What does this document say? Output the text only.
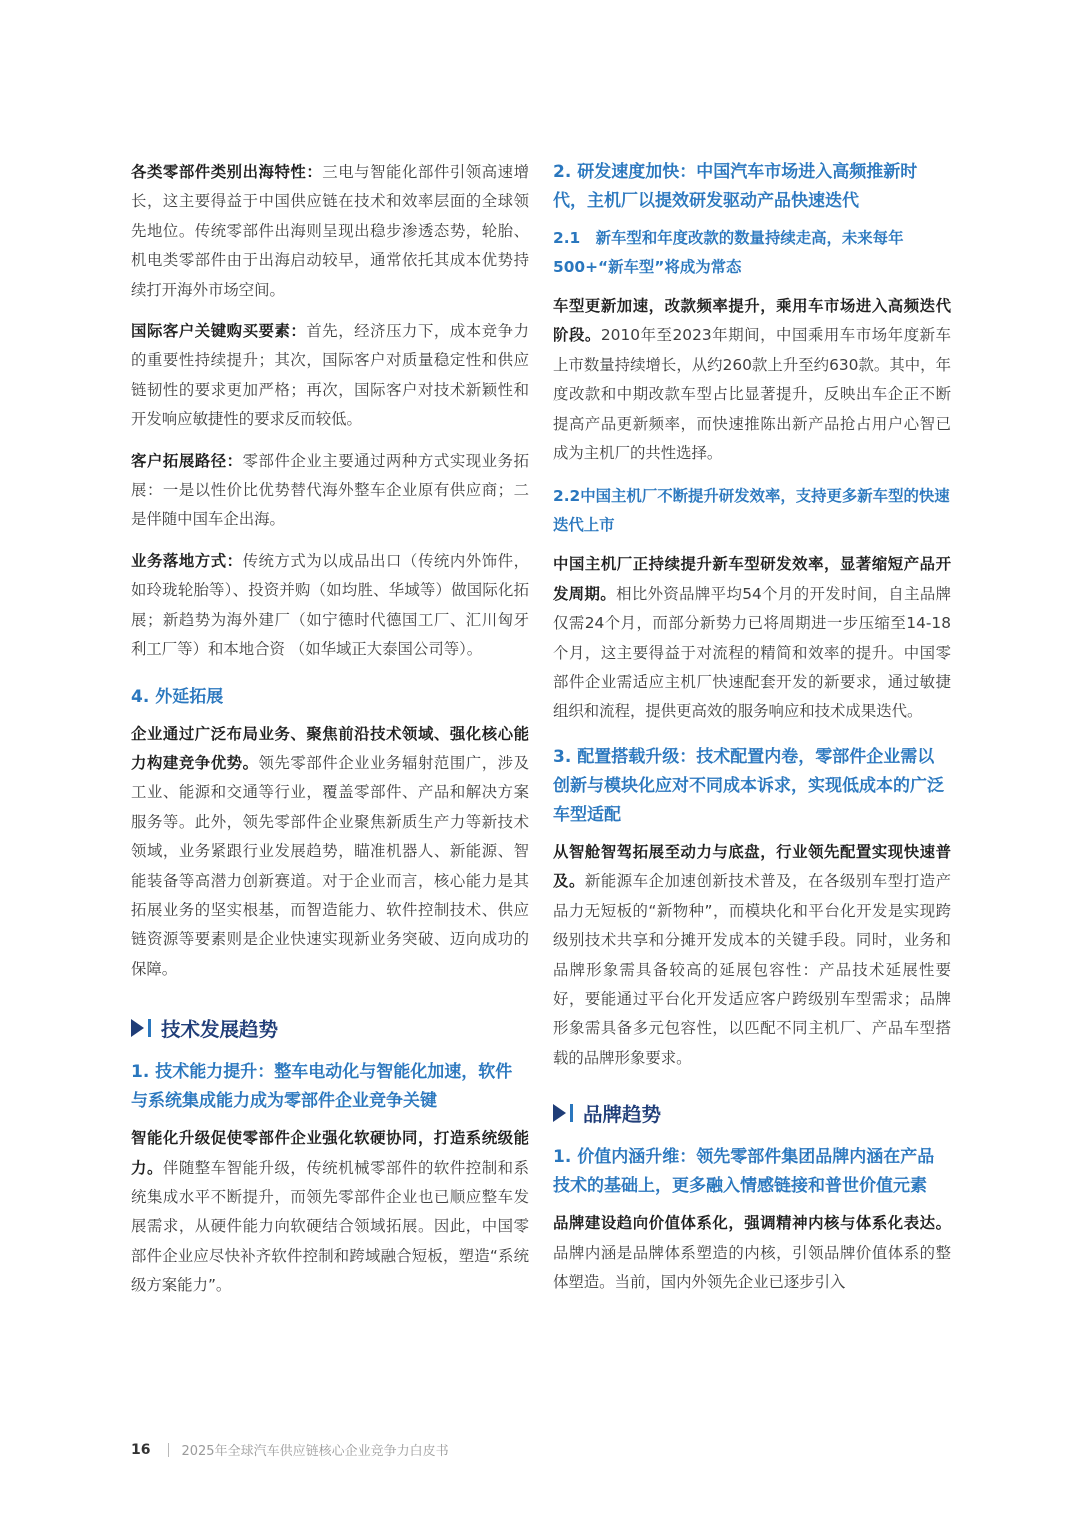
各类零部件类别出海特性：三电与智能化部件引领高速增长，这主要得益于中国供应链在技术和效率层面的全球领先地位。传统零部件出海则呈现出稳步渗透态势，轮胎、机电类零部件由于出海启动较早，通常依托其成本优势持续打开海外市场空间。

国际客户关键购买要素：首先，经济压力下，成本竞争力的重要性持续提升；其次，国际客户对质量稳定性和供应链韧性的要求更加严格；再次，国际客户对技术新颖性和开发响应敏捷性的要求反而较低。

客户拓展路径：零部件企业主要通过两种方式实现业务拓展：一是以性价比优势替代海外整车企业原有供应商；二是伴随中国车企出海。

业务落地方式：传统方式为以成品出口（传统内外饰件，如玲珑轮胎等）、投资并购（如均胜、华域等）做国际化拓展；新趋势为海外建厂（如宁德时代德国工厂、汇川匈牙利工厂等）和本地合资 （如华域正大泰国公司等）。

4. 外延拓展

企业通过广泛布局业务、聚焦前沿技术领域、强化核心能力构建竞争优势。领先零部件企业业务辐射范围广，涉及工业、能源和交通等行业，覆盖零部件、产品和解决方案服务等。此外，领先零部件企业聚焦新质生产力等新技术领域，业务紧跟行业发展趋势，瞄准机器人、新能源、智能装备等高潜力创新赛道。对于企业而言，核心能力是其拓展业务的坚实根基，而智造能力、软件控制技术、供应链资源等要素则是企业快速实现新业务突破、迈向成功的保障。

技术发展趋势
1. 技术能力提升：整车电动化与智能化加速，软件与系统集成能力成为零部件企业竞争关键

智能化升级促使零部件企业强化软硬协同，打造系统级能力。伴随整车智能升级，传统机械零部件的软件控制和系统集成水平不断提升，而领先零部件企业也已顺应整车发展需求，从硬件能力向软硬结合领域拓展。因此，中国零部件企业应尽快补齐软件控制和跨域融合短板，塑造“系统级方案能力”。

2. 研发速度加快：中国汽车市场进入高频推新时代，主机厂以提效研发驱动产品快速迭代
2.1　新车型和年度改款的数量持续走高，未来每年500+“新车型”将成为常态

车型更新加速，改款频率提升，乘用车市场进入高频迭代阶段。2010年至2023年期间，中国乘用车市场年度新车上市数量持续增长，从约260款上升至约630款。其中，年度改款和中期改款车型占比显著提升，反映出车企正不断提高产品更新频率，而快速推陈出新产品抢占用户心智已成为主机厂的共性选择。

2.2中国主机厂不断提升研发效率，支持更多新车型的快速迭代上市

中国主机厂正持续提升新车型研发效率，显著缩短产品开发周期。相比外资品牌平均54个月的开发时间，自主品牌仅需24个月，而部分新势力已将周期进一步压缩至14-18个月，这主要得益于对流程的精简和效率的提升。中国零部件企业需适应主机厂快速配套开发的新要求，通过敏捷组织和流程，提供更高效的服务响应和技术成果迭代。

3. 配置搭载升级：技术配置内卷，零部件企业需以创新与模块化应对不同成本诉求，实现低成本的广泛车型适配

从智舱智驾拓展至动力与底盘，行业领先配置实现快速普及。新能源车企加速创新技术普及，在各级别车型打造产品力无短板的“新物种”，而模块化和平台化开发是实现跨级别技术共享和分摊开发成本的关键手段。同时，业务和品牌形象需具备较高的延展包容性：产品技术延展性要好，要能通过平台化开发适应客户跨级别车型需求；品牌形象需具备多元包容性，以匹配不同主机厂、产品车型搭载的品牌形象要求。

品牌趋势
1. 价值内涵升维：领先零部件集团品牌内涵在产品技术的基础上，更多融入情感链接和普世价值元素

品牌建设趋向价值体系化，强调精神内核与体系化表达。品牌内涵是品牌体系塑造的内核，引领品牌价值体系的整体塑造。当前，国内外领先企业已逐步引入

16 2025年全球汽车供应链核心企业竞争力白皮书
